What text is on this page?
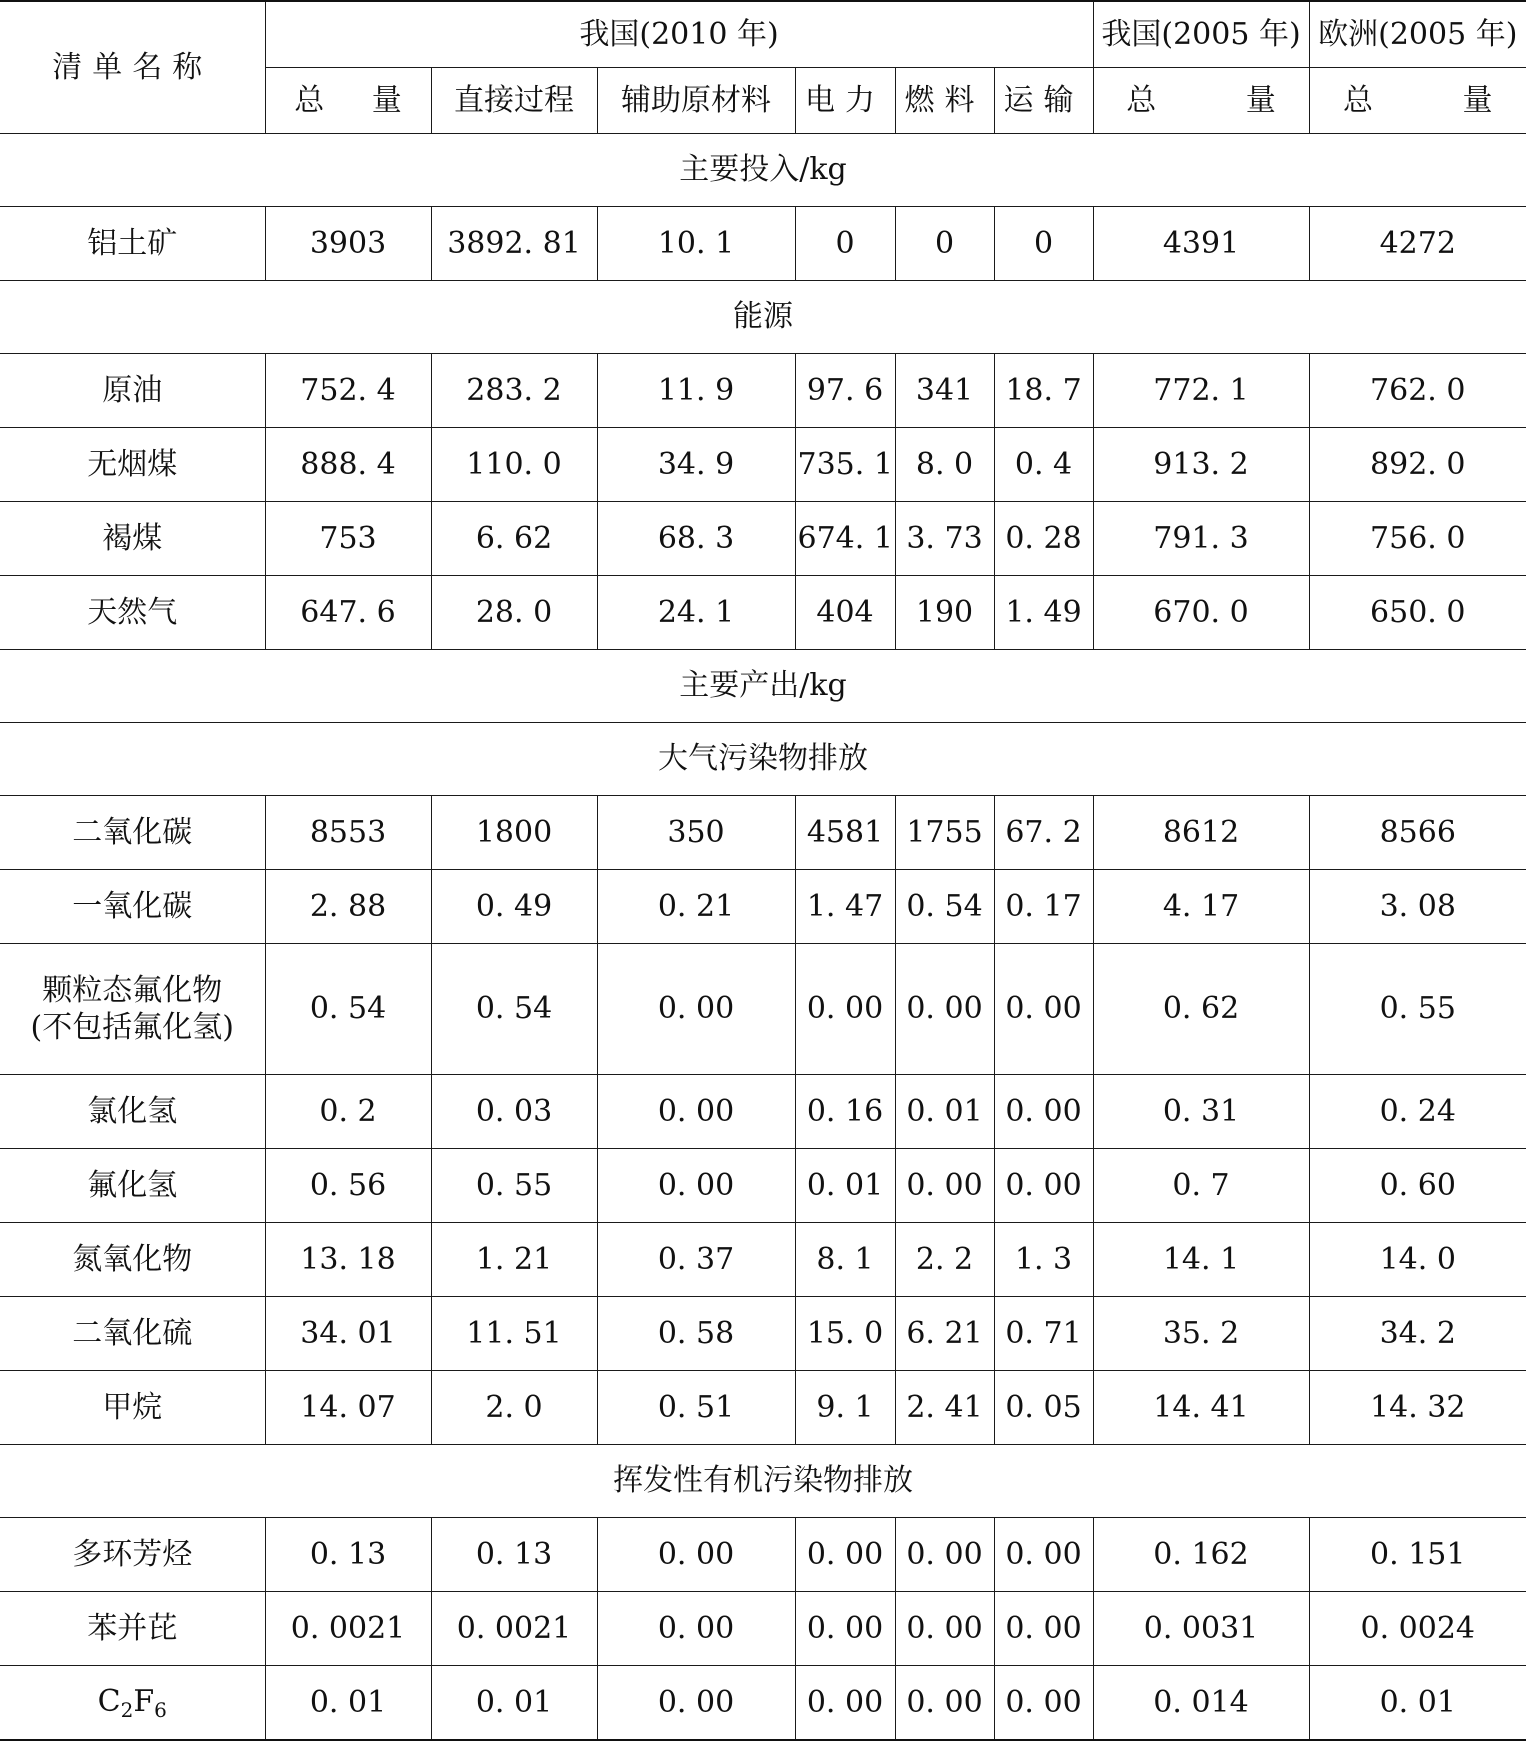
清单名称	我国(2010 年)						我国(2005 年)	欧洲(2005 年)
	总 量	直接过程	辅助原材料	电力	燃料	运输	总 量	总 量
主要投入/kg								
铝土矿	3903	3892. 81	10. 1	0	0	0	4391	4272
能源								
原油	752. 4	283. 2	11. 9	97. 6	341	18. 7	772. 1	762. 0
无烟煤	888. 4	110. 0	34. 9	735. 1	8. 0	0. 4	913. 2	892. 0
褐煤	753	6. 62	68. 3	674. 1	3. 73	0. 28	791. 3	756. 0
天然气	647. 6	28. 0	24. 1	404	190	1. 49	670. 0	650. 0
主要产出/kg								
大气污染物排放								
二氧化碳	8553	1800	350	4581	1755	67. 2	8612	8566
一氧化碳	2. 88	0. 49	0. 21	1. 47	0. 54	0. 17	4. 17	3. 08

颗粒态氟化物
(不包括氟化氢)	0. 54	0. 54	0. 00	0. 00	0. 00	0. 00	0. 62	0. 55
氯化氢	0. 2	0. 03	0. 00	0. 16	0. 01	0. 00	0. 31	0. 24
氟化氢	0. 56	0. 55	0. 00	0. 01	0. 00	0. 00	0. 7	0. 60
氮氧化物	13. 18	1. 21	0. 37	8. 1	2. 2	1. 3	14. 1	14. 0
二氧化硫	34. 01	11. 51	0. 58	15. 0	6. 21	0. 71	35. 2	34. 2
甲烷	14. 07	2. 0	0. 51	9. 1	2. 41	0. 05	14. 41	14. 32
挥发性有机污染物排放								
多环芳烃	0. 13	0. 13	0. 00	0. 00	0. 00	0. 00	0. 162	0. 151
苯并芘	0. 0021	0. 0021	0. 00	0. 00	0. 00	0. 00	0. 0031	0. 0024
$C_2F_6$	0. 01	0. 01	0. 00	0. 00	0. 00	0. 00	0. 014	0. 01
